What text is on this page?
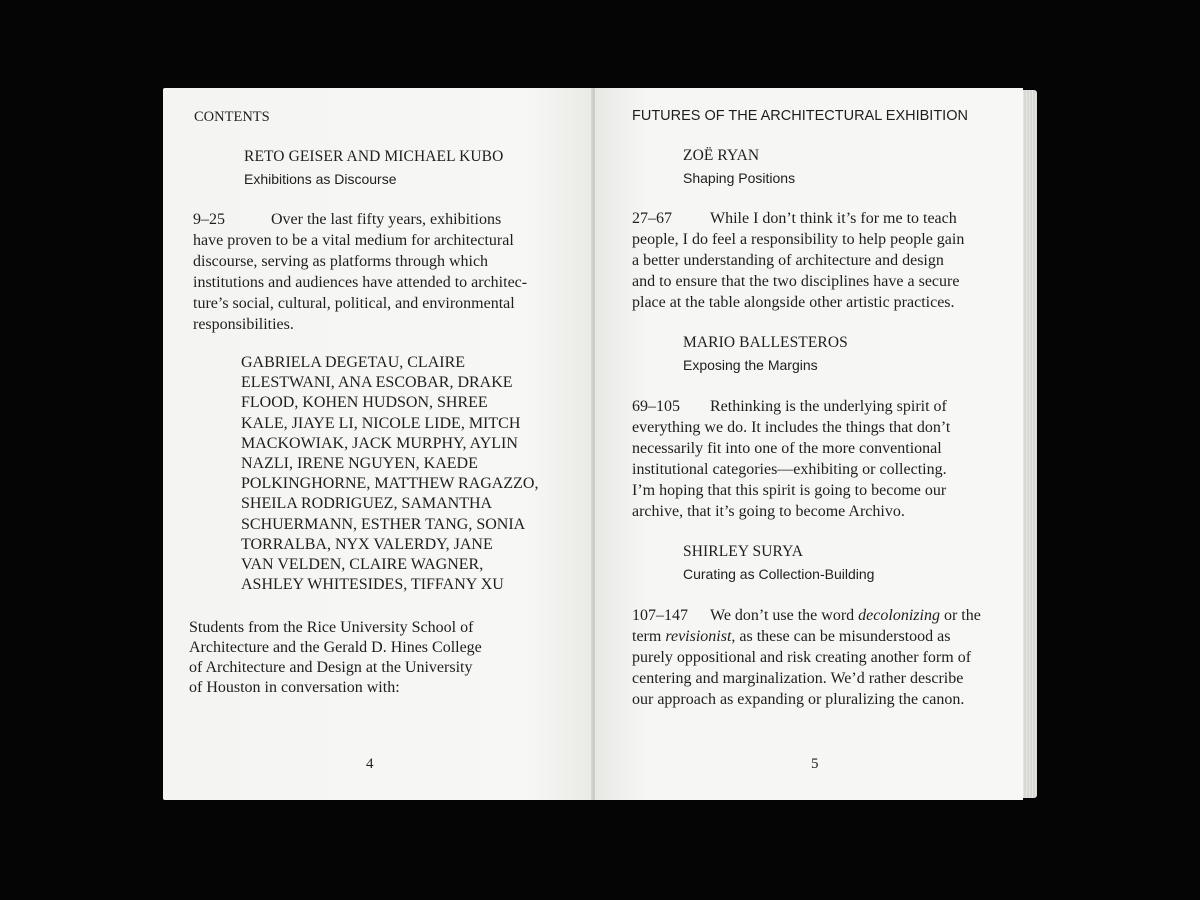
CONTENTS
RETO GEISER AND MICHAEL KUBO
Exhibitions as Discourse
9–25	Over the last fifty years, exhibitions
have proven to be a vital medium for architectural
discourse, serving as platforms through which
institutions and audiences have attended to architec-
ture’s social, cultural, political, and environmental
responsibilities.
GABRIELA DEGETAU, CLAIRE
ELESTWANI, ANA ESCOBAR, DRAKE
FLOOD, KOHEN HUDSON, SHREE
KALE, JIAYE LI, NICOLE LIDE, MITCH
MACKOWIAK, JACK MURPHY, AYLIN
NAZLI, IRENE NGUYEN, KAEDE
POLKINGHORNE, MATTHEW RAGAZZO,
SHEILA RODRIGUEZ, SAMANTHA
SCHUERMANN, ESTHER TANG, SONIA
TORRALBA, NYX VALERDY, JANE
VAN VELDEN, CLAIRE WAGNER,
ASHLEY WHITESIDES, TIFFANY XU
Students from the Rice University School of
Architecture and the Gerald D. Hines College
of Architecture and Design at the University
of Houston in conversation with:
4
FUTURES OF THE ARCHITECTURAL EXHIBITION
ZOË RYAN
Shaping Positions
27–67 While I don’t think it’s for me to teach
people, I do feel a responsibility to help people gain
a better understanding of architecture and design
and to ensure that the two disciplines have a secure
place at the table alongside other artistic practices.
MARIO BALLESTEROS
Exposing the Margins
69–105 Rethinking is the underlying spirit of
everything we do. It includes the things that don’t
necessarily fit into one of the more conventional
institutional categories—exhibiting or collecting.
I’m hoping that this spirit is going to become our
archive, that it’s going to become Archivo.
SHIRLEY SURYA
Curating as Collection-Building
107–147 We don’t use the word decolonizing or the
term revisionist, as these can be misunderstood as
purely oppositional and risk creating another form of
centering and marginalization. We’d rather describe
our approach as expanding or pluralizing the canon.
5
